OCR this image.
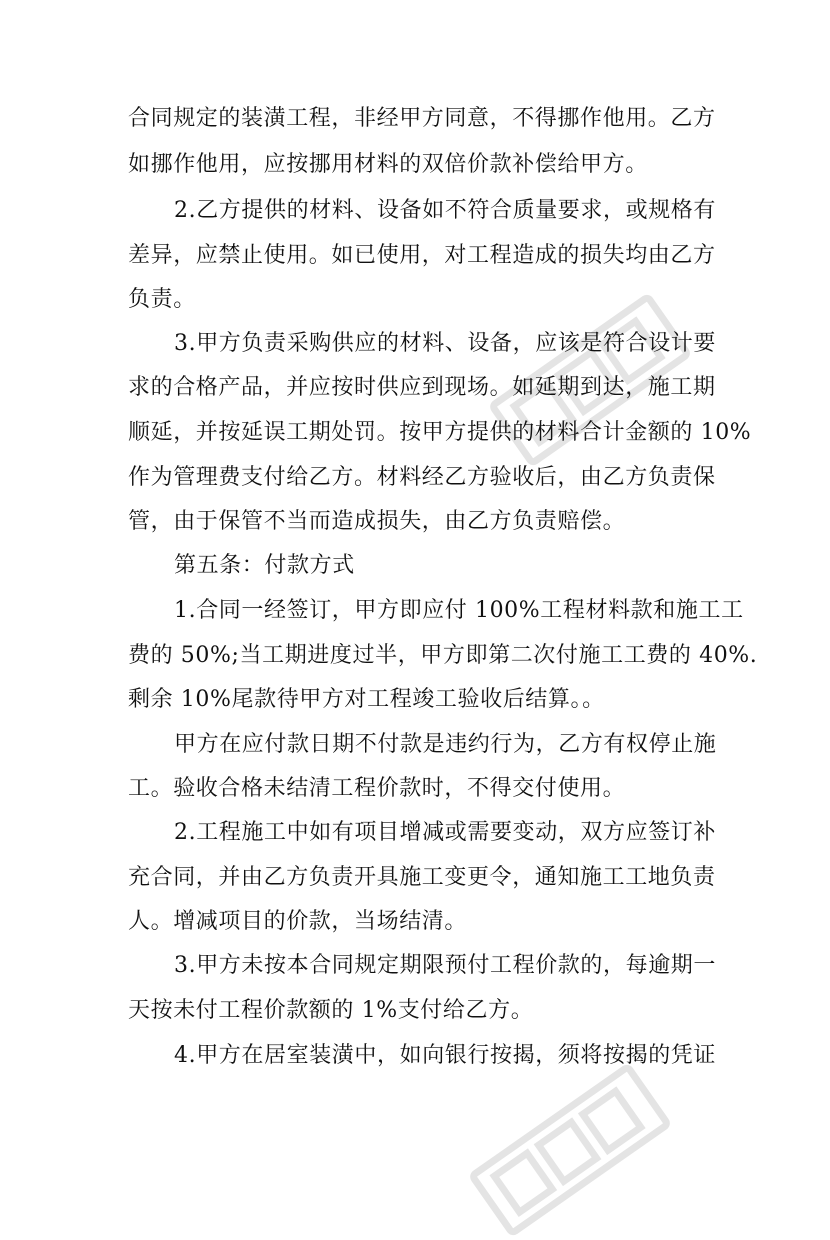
合同规定的装潢工程，非经甲方同意，不得挪作他用。乙方
如挪作他用，应按挪用材料的双倍价款补偿给甲方。
2.乙方提供的材料、设备如不符合质量要求，或规格有
差异，应禁止使用。如已使用，对工程造成的损失均由乙方
负责。
3.甲方负责采购供应的材料、设备，应该是符合设计要
求的合格产品，并应按时供应到现场。如延期到达，施工期
顺延，并按延误工期处罚。按甲方提供的材料合计金额的 10%
作为管理费支付给乙方。材料经乙方验收后，由乙方负责保
管，由于保管不当而造成损失，由乙方负责赔偿。
第五条：付款方式
1.合同一经签订，甲方即应付 100%工程材料款和施工工
费的 50%;当工期进度过半，甲方即第二次付施工工费的 40%.
剩余 10%尾款待甲方对工程竣工验收后结算。。
甲方在应付款日期不付款是违约行为，乙方有权停止施
工。验收合格未结清工程价款时，不得交付使用。
2.工程施工中如有项目增减或需要变动，双方应签订补
充合同，并由乙方负责开具施工变更令，通知施工工地负责
人。增减项目的价款，当场结清。
3.甲方未按本合同规定期限预付工程价款的，每逾期一
天按未付工程价款额的 1%支付给乙方。
4.甲方在居室装潢中，如向银行按揭，须将按揭的凭证
